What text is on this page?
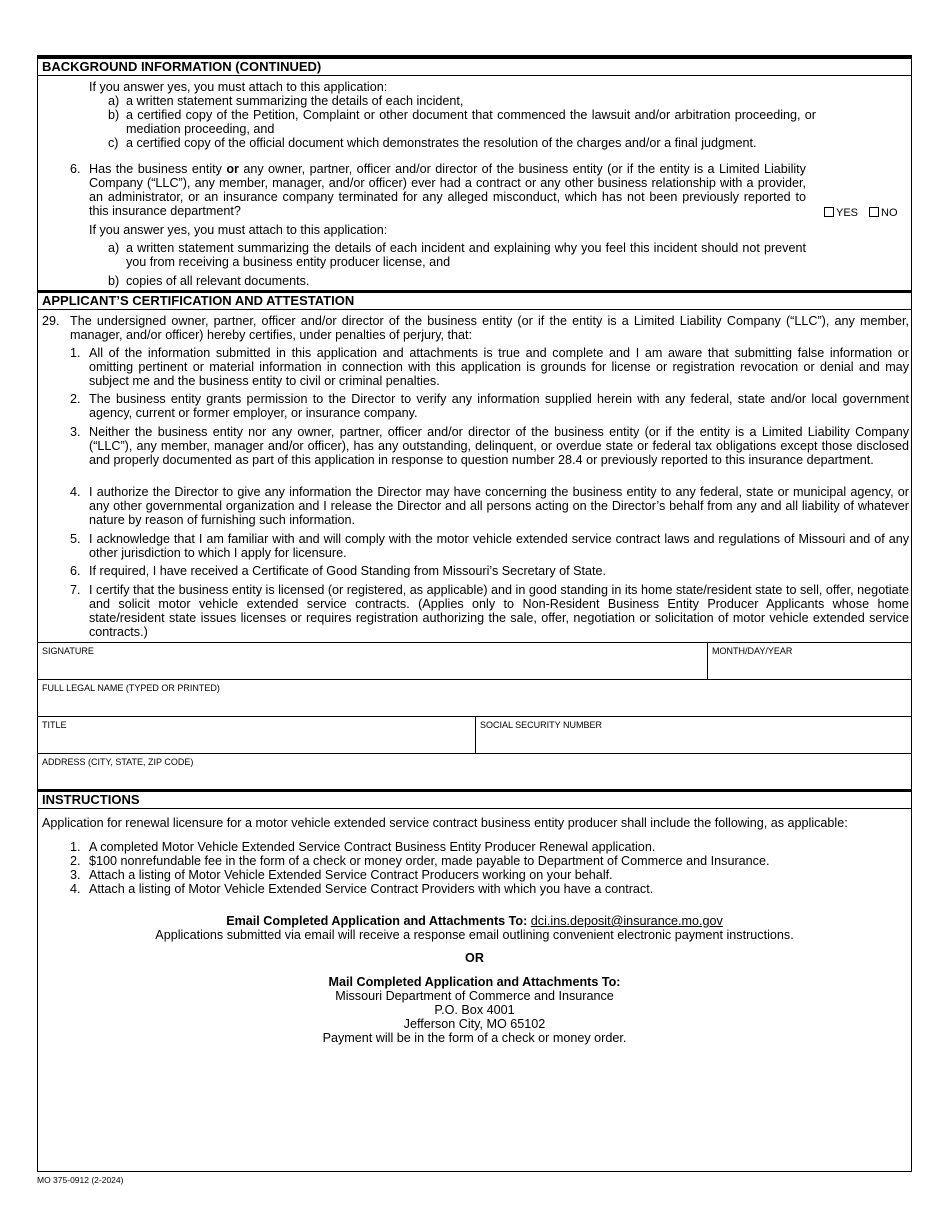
BACKGROUND INFORMATION (CONTINUED)
If you answer yes, you must attach to this application:
a) a written statement summarizing the details of each incident,
b) a certified copy of the Petition, Complaint or other document that commenced the lawsuit and/or arbitration proceeding, or mediation proceeding, and
c) a certified copy of the official document which demonstrates the resolution of the charges and/or a final judgment.
6. Has the business entity or any owner, partner, officer and/or director of the business entity (or if the entity is a Limited Liability Company (“LLC”), any member, manager, and/or officer) ever had a contract or any other business relationship with a provider, an administrator, or an insurance company terminated for any alleged misconduct, which has not been previously reported to this insurance department?	YES	NO
If you answer yes, you must attach to this application:
a) a written statement summarizing the details of each incident and explaining why you feel this incident should not prevent you from receiving a business entity producer license, and
b) copies of all relevant documents.
APPLICANT’S CERTIFICATION AND ATTESTATION
29. The undersigned owner, partner, officer and/or director of the business entity (or if the entity is a Limited Liability Company (“LLC”), any member, manager, and/or officer) hereby certifies, under penalties of perjury, that:
1. All of the information submitted in this application and attachments is true and complete and I am aware that submitting false information or omitting pertinent or material information in connection with this application is grounds for license or registration revocation or denial and may subject me and the business entity to civil or criminal penalties.
2. The business entity grants permission to the Director to verify any information supplied herein with any federal, state and/or local government agency, current or former employer, or insurance company.
3. Neither the business entity nor any owner, partner, officer and/or director of the business entity (or if the entity is a Limited Liability Company (“LLC”), any member, manager and/or officer), has any outstanding, delinquent, or overdue state or federal tax obligations except those disclosed and properly documented as part of this application in response to question number 28.4 or previously reported to this insurance department.
4. I authorize the Director to give any information the Director may have concerning the business entity to any federal, state or municipal agency, or any other governmental organization and I release the Director and all persons acting on the Director’s behalf from any and all liability of whatever nature by reason of furnishing such information.
5. I acknowledge that I am familiar with and will comply with the motor vehicle extended service contract laws and regulations of Missouri and of any other jurisdiction to which I apply for licensure.
6. If required, I have received a Certificate of Good Standing from Missouri’s Secretary of State.
7. I certify that the business entity is licensed (or registered, as applicable) and in good standing in its home state/resident state to sell, offer, negotiate and solicit motor vehicle extended service contracts. (Applies only to Non-Resident Business Entity Producer Applicants whose home state/resident state issues licenses or requires registration authorizing the sale, offer, negotiation or solicitation of motor vehicle extended service contracts.)
SIGNATURE	MONTH/DAY/YEAR
FULL LEGAL NAME (TYPED OR PRINTED)
TITLE	SOCIAL SECURITY NUMBER
ADDRESS (CITY, STATE, ZIP CODE)
INSTRUCTIONS
Application for renewal licensure for a motor vehicle extended service contract business entity producer shall include the following, as applicable:
1. A completed Motor Vehicle Extended Service Contract Business Entity Producer Renewal application.
2. $100 nonrefundable fee in the form of a check or money order, made payable to Department of Commerce and Insurance.
3. Attach a listing of Motor Vehicle Extended Service Contract Producers working on your behalf.
4. Attach a listing of Motor Vehicle Extended Service Contract Providers with which you have a contract.
Email Completed Application and Attachments To: dci.ins.deposit@insurance.mo.gov
Applications submitted via email will receive a response email outlining convenient electronic payment instructions.
OR
Mail Completed Application and Attachments To:
Missouri Department of Commerce and Insurance
P.O. Box 4001
Jefferson City, MO 65102
Payment will be in the form of a check or money order.
MO 375-0912 (2-2024)
